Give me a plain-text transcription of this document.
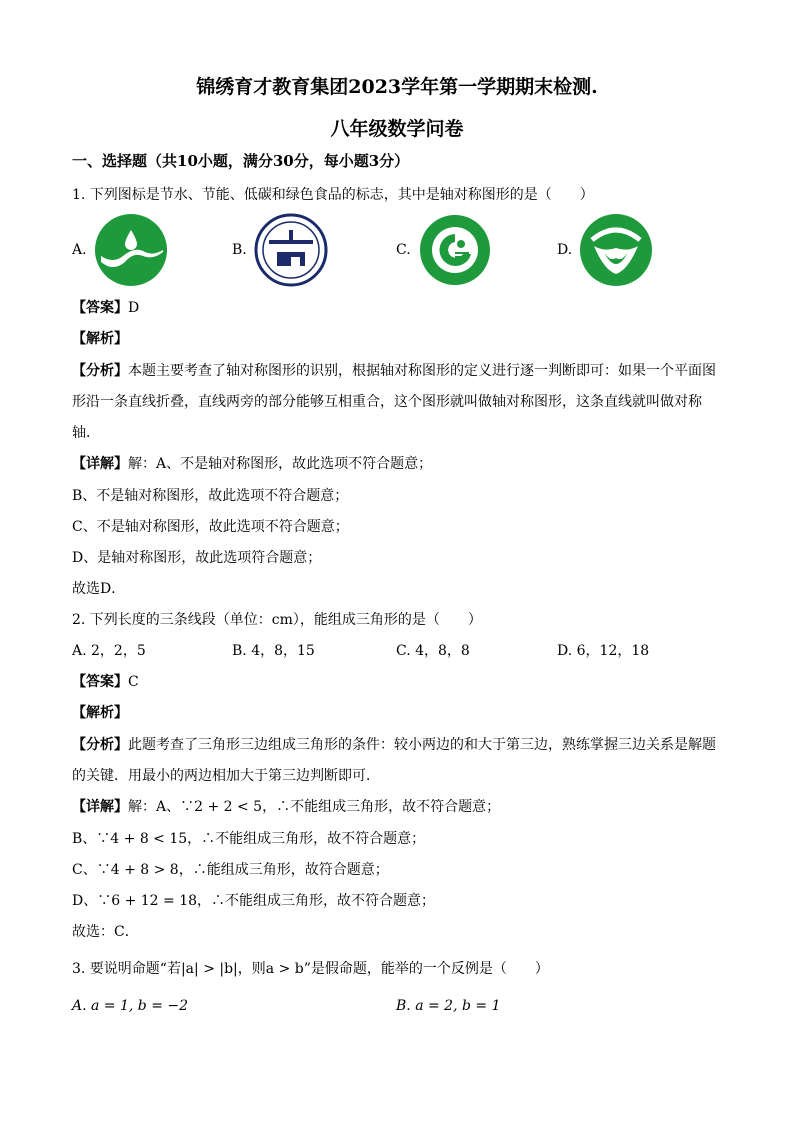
锦绣育才教育集团2023学年第一学期期末检测.
八年级数学问卷
一、选择题（共10小题，满分30分，每小题3分）
1. 下列图标是节水、节能、低碳和绿色食品的标志，其中是轴对称图形的是（　　）
A.	B.	C.	D.
【答案】D
【解析】
【分析】本题主要考查了轴对称图形的识别，根据轴对称图形的定义进行逐一判断即可：如果一个平面图
形沿一条直线折叠，直线两旁的部分能够互相重合，这个图形就叫做轴对称图形，这条直线就叫做对称
轴．
【详解】解：A、不是轴对称图形，故此选项不符合题意；
B、不是轴对称图形，故此选项不符合题意；
C、不是轴对称图形，故此选项不符合题意；
D、是轴对称图形，故此选项符合题意；
故选D．
2. 下列长度的三条线段（单位：cm），能组成三角形的是（　　）
A. 2，2，5	B. 4，8，15	C. 4，8，8	D. 6，12，18
【答案】C
【解析】
【分析】此题考查了三角形三边组成三角形的条件：较小两边的和大于第三边，熟练掌握三边关系是解题
的关键．用最小的两边相加大于第三边判断即可．
【详解】解：A、∵2 + 2 < 5，∴不能组成三角形，故不符合题意；
B、∵4 + 8 < 15，∴不能组成三角形，故不符合题意；
C、∵4 + 8 > 8，∴能组成三角形，故符合题意；
D、∵6 + 12 = 18，∴不能组成三角形，故不符合题意；
故选：C．
3. 要说明命题“若|a| > |b|，则a > b”是假命题，能举的一个反例是（　　）
A. a = 1, b = −2	B. a = 2, b = 1
